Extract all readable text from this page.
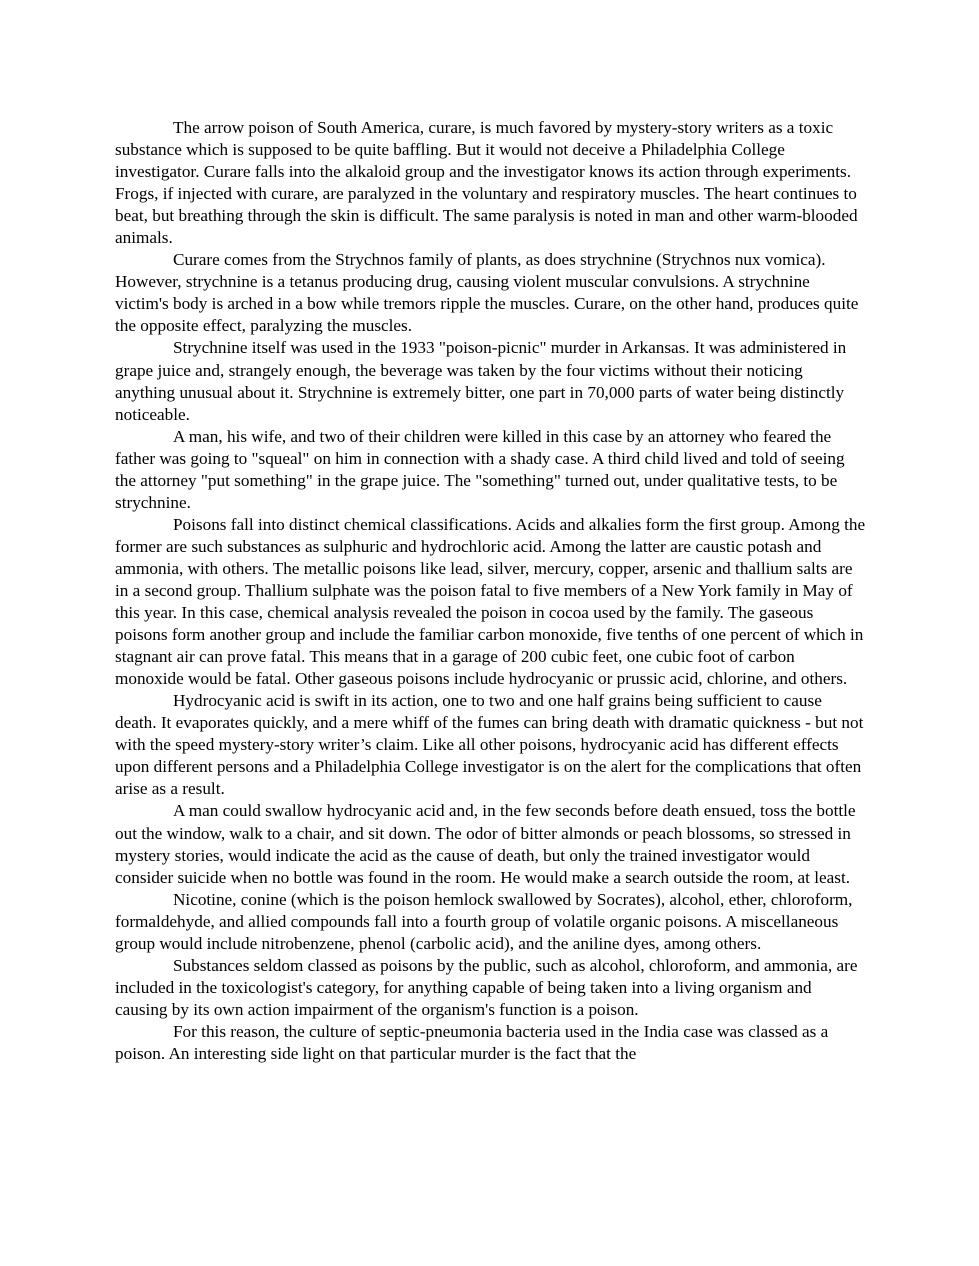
The arrow poison of South America, curare, is much favored by mystery-story writers as a toxic substance which is supposed to be quite baffling. But it would not deceive a Philadelphia College investigator. Curare falls into the alkaloid group and the investigator knows its action through experiments. Frogs, if injected with curare, are paralyzed in the voluntary and respiratory muscles. The heart continues to beat, but breathing through the skin is difficult. The same paralysis is noted in man and other warm-blooded animals.

Curare comes from the Strychnos family of plants, as does strychnine (Strychnos nux vomica). However, strychnine is a tetanus producing drug, causing violent muscular convulsions. A strychnine victim's body is arched in a bow while tremors ripple the muscles. Curare, on the other hand, produces quite the opposite effect, paralyzing the muscles.

Strychnine itself was used in the 1933 "poison-picnic" murder in Arkansas. It was administered in grape juice and, strangely enough, the beverage was taken by the four victims without their noticing anything unusual about it. Strychnine is extremely bitter, one part in 70,000 parts of water being distinctly noticeable.

A man, his wife, and two of their children were killed in this case by an attorney who feared the father was going to "squeal" on him in connection with a shady case. A third child lived and told of seeing the attorney "put something" in the grape juice. The "something" turned out, under qualitative tests, to be strychnine.

Poisons fall into distinct chemical classifications. Acids and alkalies form the first group. Among the former are such substances as sulphuric and hydrochloric acid. Among the latter are caustic potash and ammonia, with others. The metallic poisons like lead, silver, mercury, copper, arsenic and thallium salts are in a second group. Thallium sulphate was the poison fatal to five members of a New York family in May of this year. In this case, chemical analysis revealed the poison in cocoa used by the family. The gaseous poisons form another group and include the familiar carbon monoxide, five tenths of one percent of which in stagnant air can prove fatal. This means that in a garage of 200 cubic feet, one cubic foot of carbon monoxide would be fatal. Other gaseous poisons include hydrocyanic or prussic acid, chlorine, and others.

Hydrocyanic acid is swift in its action, one to two and one half grains being sufficient to cause death. It evaporates quickly, and a mere whiff of the fumes can bring death with dramatic quickness - but not with the speed mystery-story writer’s claim. Like all other poisons, hydrocyanic acid has different effects upon different persons and a Philadelphia College investigator is on the alert for the complications that often arise as a result.

A man could swallow hydrocyanic acid and, in the few seconds before death ensued, toss the bottle out the window, walk to a chair, and sit down. The odor of bitter almonds or peach blossoms, so stressed in mystery stories, would indicate the acid as the cause of death, but only the trained investigator would consider suicide when no bottle was found in the room. He would make a search outside the room, at least.

Nicotine, conine (which is the poison hemlock swallowed by Socrates), alcohol, ether, chloroform, formaldehyde, and allied compounds fall into a fourth group of volatile organic poisons. A miscellaneous group would include nitrobenzene, phenol (carbolic acid), and the aniline dyes, among others.

Substances seldom classed as poisons by the public, such as alcohol, chloroform, and ammonia, are included in the toxicologist's category, for anything capable of being taken into a living organism and causing by its own action impairment of the organism's function is a poison.

For this reason, the culture of septic-pneumonia bacteria used in the India case was classed as a poison. An interesting side light on that particular murder is the fact that the
